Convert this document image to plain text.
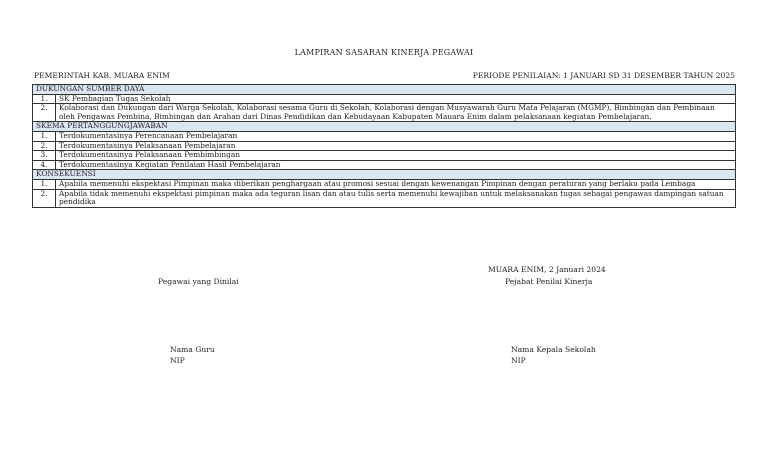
LAMPIRAN SASARAN KINERJA PEGAWAI
PEMERINTAH KAB. MUARA ENIM	PERIODE PENILAIAN: 1 JANUARI SD 31 DESEMBER TAHUN 2025
DUKUNGAN SUMBER DAYA	
1.	SK Pembagian Tugas Sekolah
2.	Kolaborasi dan Dukungan dari Warga Sekolah, Kolaborasi sesama Guru di Sekolah, Kolaborasi dengan Musyawarah Guru Mata Pelajaran (MGMP), Bimbingan dan Pembinaan oleh Pengawas Pembina, Bimbingan dan Arahan dari Dinas Pendidikan dan Kebudayaan Kabupaten Mauara Enim dalam pelaksanaan kegiatan Pembelajaran.
SKEMA PERTANGGUNGJAWABAN	
1.	Terdokumentasinya Perencanaan Pembelajaran
2.	Terdokumentasinya Pelaksanaan Pembelajaran
3.	Terdokumentasinya Pelaksanaan Pembimbingan
4.	Terdokumentasinya Kegiatan Penilaian Hasil Pembelajaran
KONSEKUENSI	
1.	Apabila memenuhi ekspektasi Pimpinan maka diberikan penghargaan atau promosi sesuai dengan kewenangan Pimpinan dengan peraturan yang berlaku pada Lembaga
2.	Apabila tidak memenuhi ekspektasi pimpinan maka ada teguran lisan dan atau tulis serta memenuhi kewajiban untuk melaksanakan tugas sebagai pengawas dampingan satuan pendidika
MUARA ENIM, 2 Januari 2024
Pegawai yang Dinilai	Pejabat Penilai Kinerja
Nama Guru
NIP
Nama Kepala Sekolah
NIP
